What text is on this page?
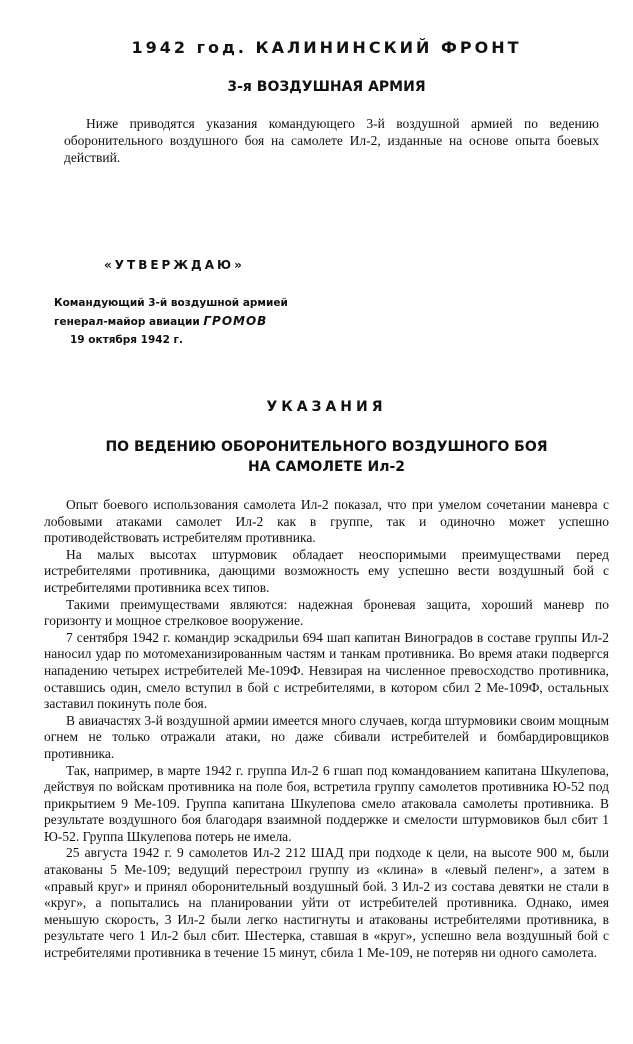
1942 год. КАЛИНИНСКИЙ ФРОНТ
3-я ВОЗДУШНАЯ АРМИЯ

Ниже приводятся указания командующего 3-й воздушной армией по ведению оборонительного воздушного боя на самолете Ил-2, изданные на основе опыта боевых действий.

«УТВЕРЖДАЮ»
Командующий 3-й воздушной армией
генерал-майор авиации ГРОМОВ
19 октября 1942 г.
УКАЗАНИЯ
ПО ВЕДЕНИЮ ОБОРОНИТЕЛЬНОГО ВОЗДУШНОГО БОЯ
НА САМОЛЕТЕ Ил-2

Опыт боевого использования самолета Ил-2 показал, что при умелом сочетании маневра с лобовыми атаками самолет Ил-2 как в группе, так и одиночно может успешно противодействовать истребителям противника.

На малых высотах штурмовик обладает неоспоримыми преимуществами перед истребителями противника, дающими возможность ему успешно вести воздушный бой с истребителями противника всех типов.

Такими преимуществами являются: надежная броневая защита, хороший маневр по горизонту и мощное стрелковое вооружение.

7 сентября 1942 г. командир эскадрильи 694 шап капитан Виноградов в составе группы Ил-2 наносил удар по мотомеханизированным частям и танкам противника. Во время атаки подвергся нападению четырех истребителей Ме-109Ф. Невзирая на численное превосходство противника, оставшись один, смело вступил в бой с истребителями, в котором сбил 2 Ме-109Ф, остальных заставил покинуть поле боя.

В авиачастях 3-й воздушной армии имеется много случаев, когда штурмовики своим мощным огнем не только отражали атаки, но даже сбивали истребителей и бомбардировщиков противника.

Так, например, в марте 1942 г. группа Ил-2 6 гшап под командованием капитана Шкулепова, действуя по войскам противника на поле боя, встретила группу самолетов противника Ю-52 под прикрытием 9 Ме-109. Группа капитана Шкулепова смело атаковала самолеты противника. В результате воздушного боя благодаря взаимной поддержке и смелости штурмовиков был сбит 1 Ю-52. Группа Шкулепова потерь не имела.

25 августа 1942 г. 9 самолетов Ил-2 212 ШАД при подходе к цели, на высоте 900 м, были атакованы 5 Ме-109; ведущий перестроил группу из «клина» в «левый пеленг», а затем в «правый круг» и принял оборонительный воздушный бой. 3 Ил-2 из состава девятки не стали в «круг», а попытались на планировании уйти от истребителей противника. Однако, имея меньшую скорость, 3 Ил-2 были легко настигнуты и атакованы истребителями противника, в результате чего 1 Ил-2 был сбит. Шестерка, ставшая в «круг», успешно вела воздушный бой с истребителями противника в течение 15 минут, сбила 1 Ме-109, не потеряв ни одного самолета.
